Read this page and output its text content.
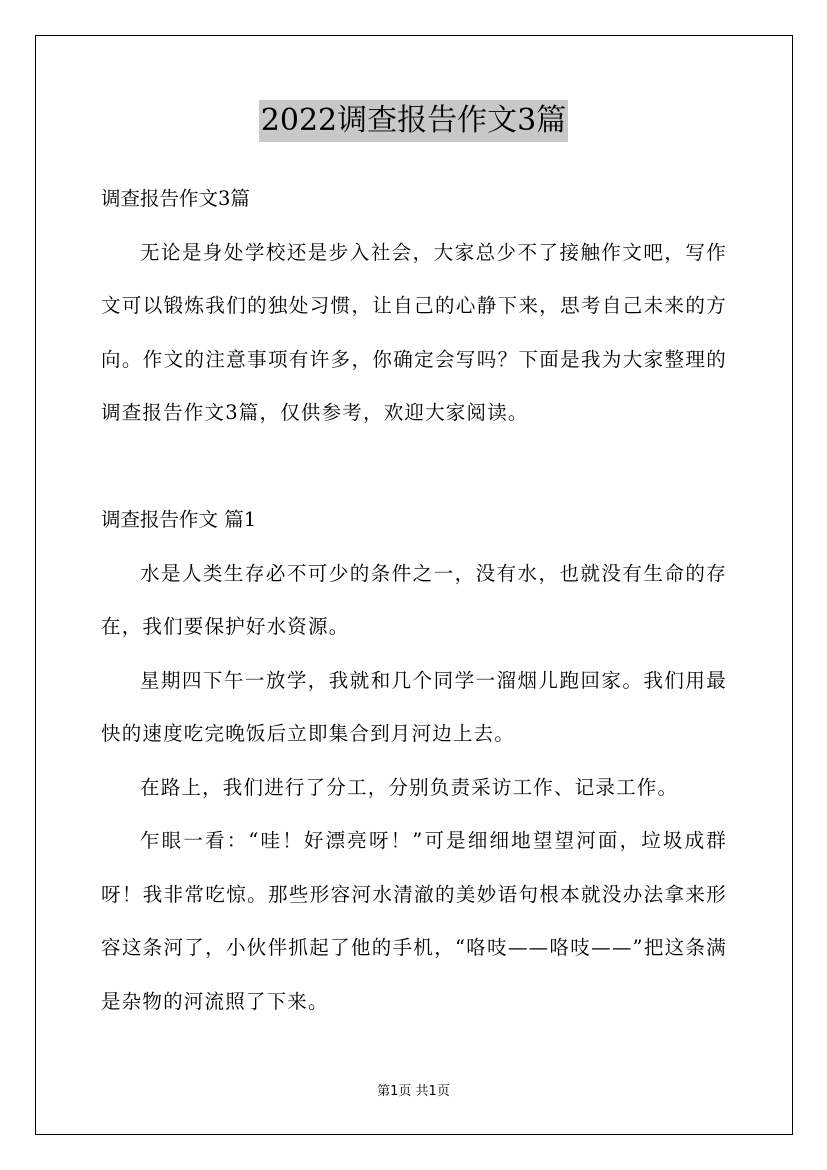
2022调查报告作文3篇

调查报告作文3篇

无论是身处学校还是步入社会，大家总少不了接触作文吧，写作文可以锻炼我们的独处习惯，让自己的心静下来，思考自己未来的方向。作文的注意事项有许多，你确定会写吗？下面是我为大家整理的调查报告作文3篇，仅供参考，欢迎大家阅读。

调查报告作文 篇1

水是人类生存必不可少的条件之一，没有水，也就没有生命的存在，我们要保护好水资源。

星期四下午一放学，我就和几个同学一溜烟儿跑回家。我们用最快的速度吃完晚饭后立即集合到月河边上去。

在路上，我们进行了分工，分别负责采访工作、记录工作。

乍眼一看：“哇！好漂亮呀！”可是细细地望望河面，垃圾成群呀！我非常吃惊。那些形容河水清澈的美妙语句根本就没办法拿来形容这条河了，小伙伴抓起了他的手机，“咯吱——咯吱——”把这条满是杂物的河流照了下来。

第1页 共1页
